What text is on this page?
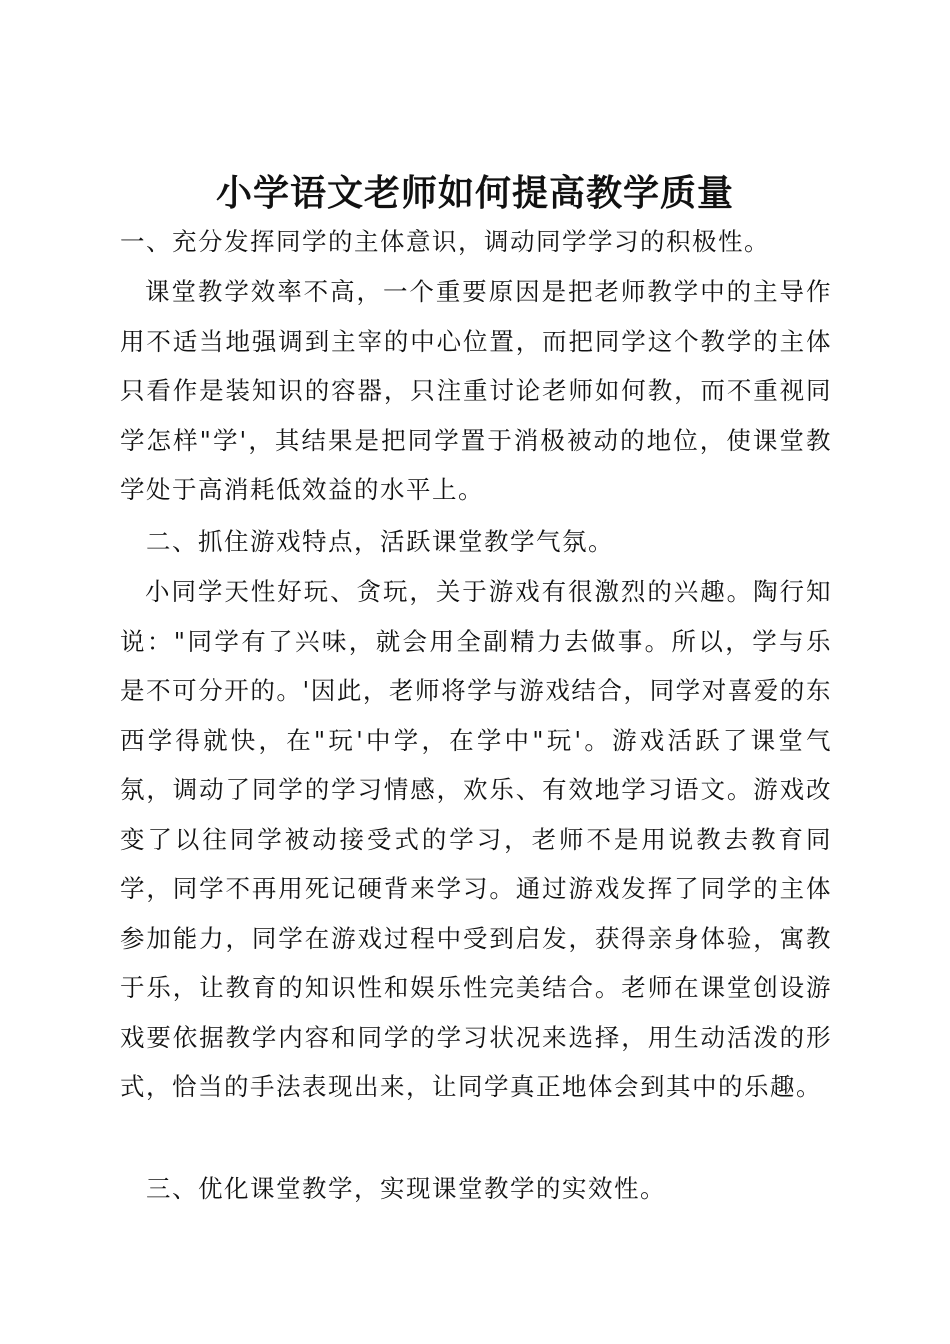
小学语文老师如何提高教学质量

一、充分发挥同学的主体意识，调动同学学习的积极性。

课堂教学效率不高，一个重要原因是把老师教学中的主导作用不适当地强调到主宰的中心位置，而把同学这个教学的主体只看作是装知识的容器，只注重讨论老师如何教，而不重视同学怎样"学'，其结果是把同学置于消极被动的地位，使课堂教学处于高消耗低效益的水平上。

二、抓住游戏特点，活跃课堂教学气氛。

小同学天性好玩、贪玩，关于游戏有很激烈的兴趣。陶行知说："同学有了兴味，就会用全副精力去做事。所以，学与乐是不可分开的。'因此，老师将学与游戏结合，同学对喜爱的东西学得就快，在"玩'中学，在学中"玩'。游戏活跃了课堂气氛，调动了同学的学习情感，欢乐、有效地学习语文。游戏改变了以往同学被动接受式的学习，老师不是用说教去教育同学，同学不再用死记硬背来学习。通过游戏发挥了同学的主体参加能力，同学在游戏过程中受到启发，获得亲身体验，寓教于乐，让教育的知识性和娱乐性完美结合。老师在课堂创设游戏要依据教学内容和同学的学习状况来选择，用生动活泼的形式，恰当的手法表现出来，让同学真正地体会到其中的乐趣。

三、优化课堂教学，实现课堂教学的实效性。
